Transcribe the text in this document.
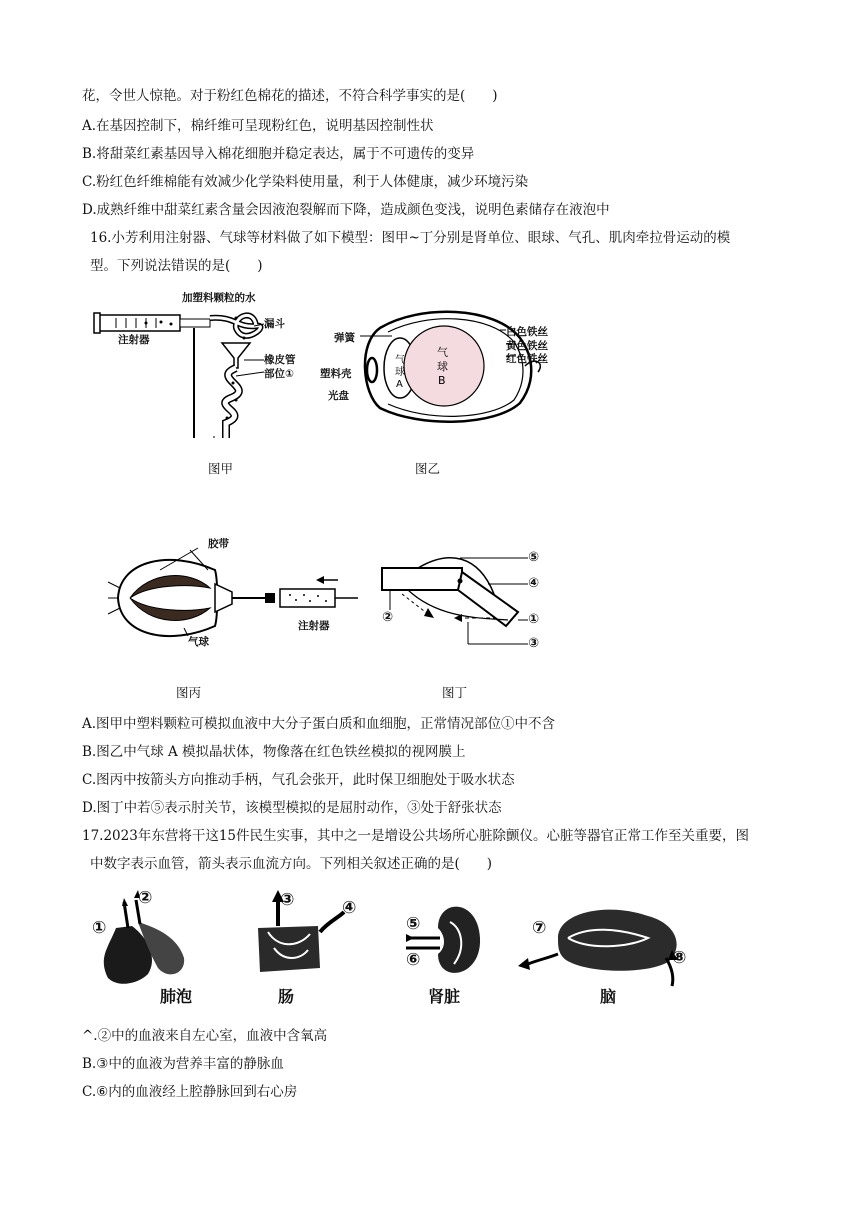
花，令世人惊艳。对于粉红色棉花的描述，不符合科学事实的是(　　)
A.在基因控制下，棉纤维可呈现粉红色，说明基因控制性状
B.将甜菜红素基因导入棉花细胞并稳定表达，属于不可遗传的变异
C.粉红色纤维棉能有效减少化学染料使用量，利于人体健康，减少环境污染
D.成熟纤维中甜菜红素含量会因液泡裂解而下降，造成颜色变浅，说明色素储存在液泡中
16.小芳利用注射器、气球等材料做了如下模型：图甲~丁分别是肾单位、眼球、气孔、肌肉牵拉骨运动的模
型。下列说法错误的是(　　)
加塑料颗粒的水
漏斗
注射器
橡皮管
部位①
图甲
气
球
A
气
球
B
弹簧
塑料壳
光盘
白色铁丝
黄色铁丝
红色铁丝
图乙
胶带
气球
注射器
图丙
⑤
④
①
③
②
图丁
A.图甲中塑料颗粒可模拟血液中大分子蛋白质和血细胞，正常情况部位①中不含
B.图乙中气球 A 模拟晶状体，物像落在红色铁丝模拟的视网膜上
C.图丙中按箭头方向推动手柄，气孔会张开，此时保卫细胞处于吸水状态
D.图丁中若⑤表示肘关节，该模型模拟的是屈肘动作，③处于舒张状态
17.2023年东营将干这15件民生实事，其中之一是增设公共场所心脏除颤仪。心脏等器官正常工作至关重要，图
中数字表示血管，箭头表示血流方向。下列相关叙述正确的是(　　)
①
②	③	④
⑤
⑥
⑦
⑧
肺泡	肠	肾脏	脑
^.②中的血液来自左心室，血液中含氧高
B.③中的血液为营养丰富的静脉血
C.⑥内的血液经上腔静脉回到右心房
